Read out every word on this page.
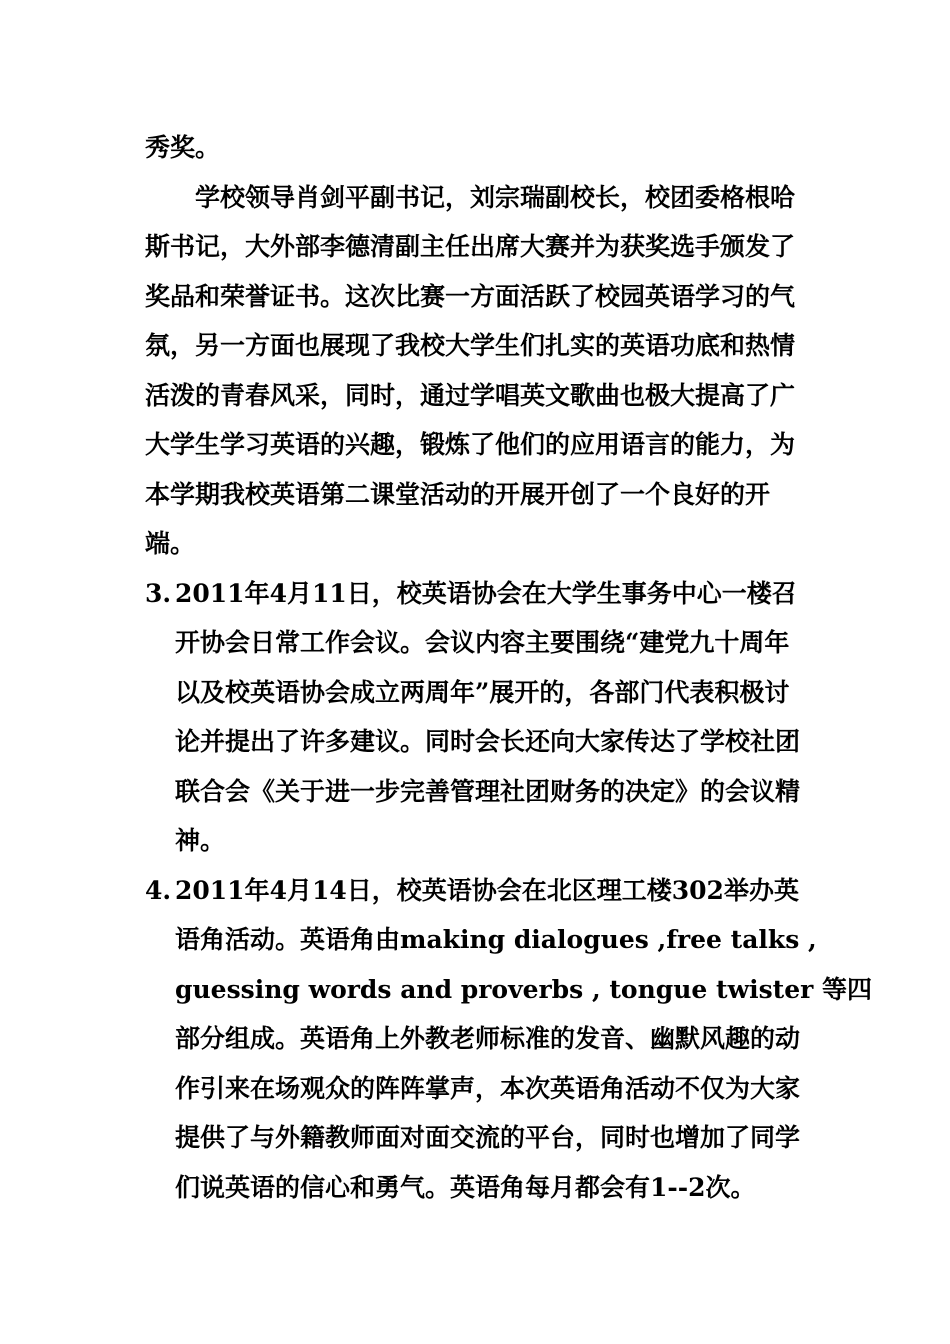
秀奖。

学校领导肖剑平副书记，刘宗瑞副校长，校团委格根哈
斯书记，大外部李德清副主任出席大赛并为获奖选手颁发了
奖品和荣誉证书。这次比赛一方面活跃了校园英语学习的气
氛，另一方面也展现了我校大学生们扎实的英语功底和热情
活泼的青春风采，同时，通过学唱英文歌曲也极大提高了广
大学生学习英语的兴趣，锻炼了他们的应用语言的能力，为
本学期我校英语第二课堂活动的开展开创了一个良好的开
端。

3. 2011年4月11日，校英语协会在大学生事务中心一楼召
开协会日常工作会议。会议内容主要围绕“建党九十周年
以及校英语协会成立两周年”展开的，各部门代表积极讨
论并提出了许多建议。同时会长还向大家传达了学校社团
联合会《关于进一步完善管理社团财务的决定》的会议精
神。
4. 2011年4月14日，校英语协会在北区理工楼302举办英
语角活动。英语角由making dialogues ,free talks ,
guessing words and proverbs , tongue twister 等四
部分组成。英语角上外教老师标准的发音、幽默风趣的动
作引来在场观众的阵阵掌声，本次英语角活动不仅为大家
提供了与外籍教师面对面交流的平台，同时也增加了同学
们说英语的信心和勇气。英语角每月都会有1--2次。
